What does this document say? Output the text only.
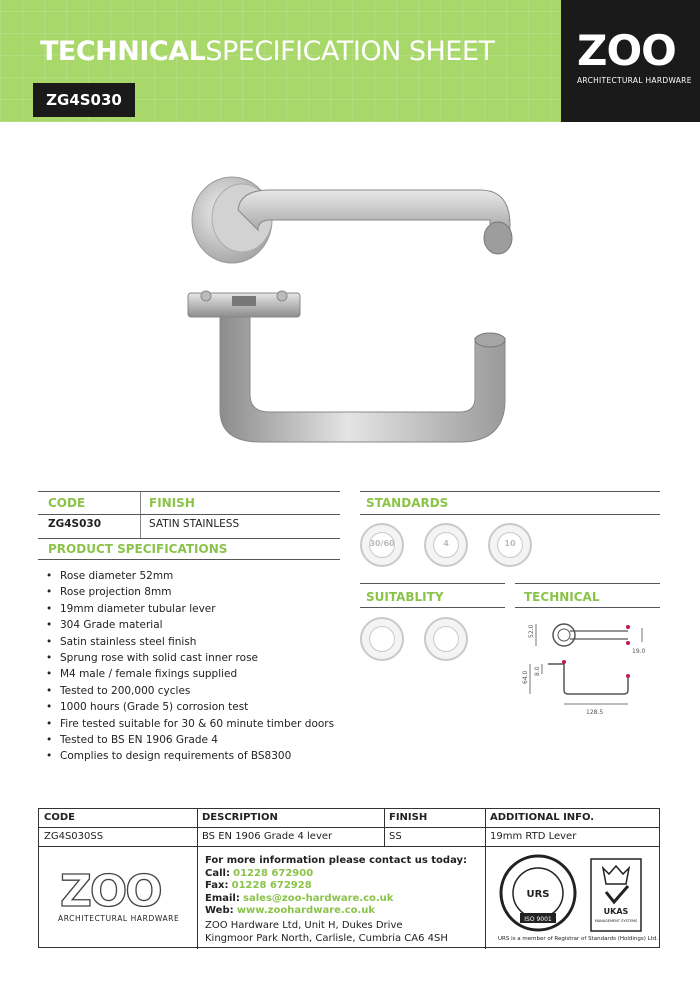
TECHNICALSPECIFICATION SHEET
ZG4S030
ZOO
ARCHITECTURAL HARDWARE
CODE	FINISH
ZG4S030	SATIN STAINLESS
PRODUCT SPECIFICATIONS
• Rose diameter 52mm
• Rose projection 8mm
• 19mm diameter tubular lever
• 304 Grade material
• Satin stainless steel finish
• Sprung rose with solid cast inner rose
• M4 male / female fixings supplied
• Tested to 200,000 cycles
• 1000 hours (Grade 5) corrosion test
• Fire tested suitable for 30 & 60 minute timber doors
• Tested to BS EN 1906 Grade 4
• Complies to design requirements of BS8300
STANDARDS
30/60	4	10
SUITABLITY	TECHNICAL
52.0
19.0
64.0 8.0
128.5
CODE	DESCRIPTION	FINISH	ADDITIONAL INFO.
ZG4S030SS	BS EN 1906 Grade 4 lever	SS	19mm RTD Lever
ZOO
ARCHITECTURAL HARDWARE
For more information please contact us today:
Call: 01228 672900
Fax: 01228 672928
Email: sales@zoo-hardware.co.uk
Web: www.zoohardware.co.uk
ZOO Hardware Ltd, Unit H, Dukes Drive
Kingmoor Park North, Carlisle, Cumbria CA6 4SH
URS
ISO 9001
UKAS
MANAGEMENT SYSTEMS
URS is a member of Registrar of Standards (Holdings) Ltd.
